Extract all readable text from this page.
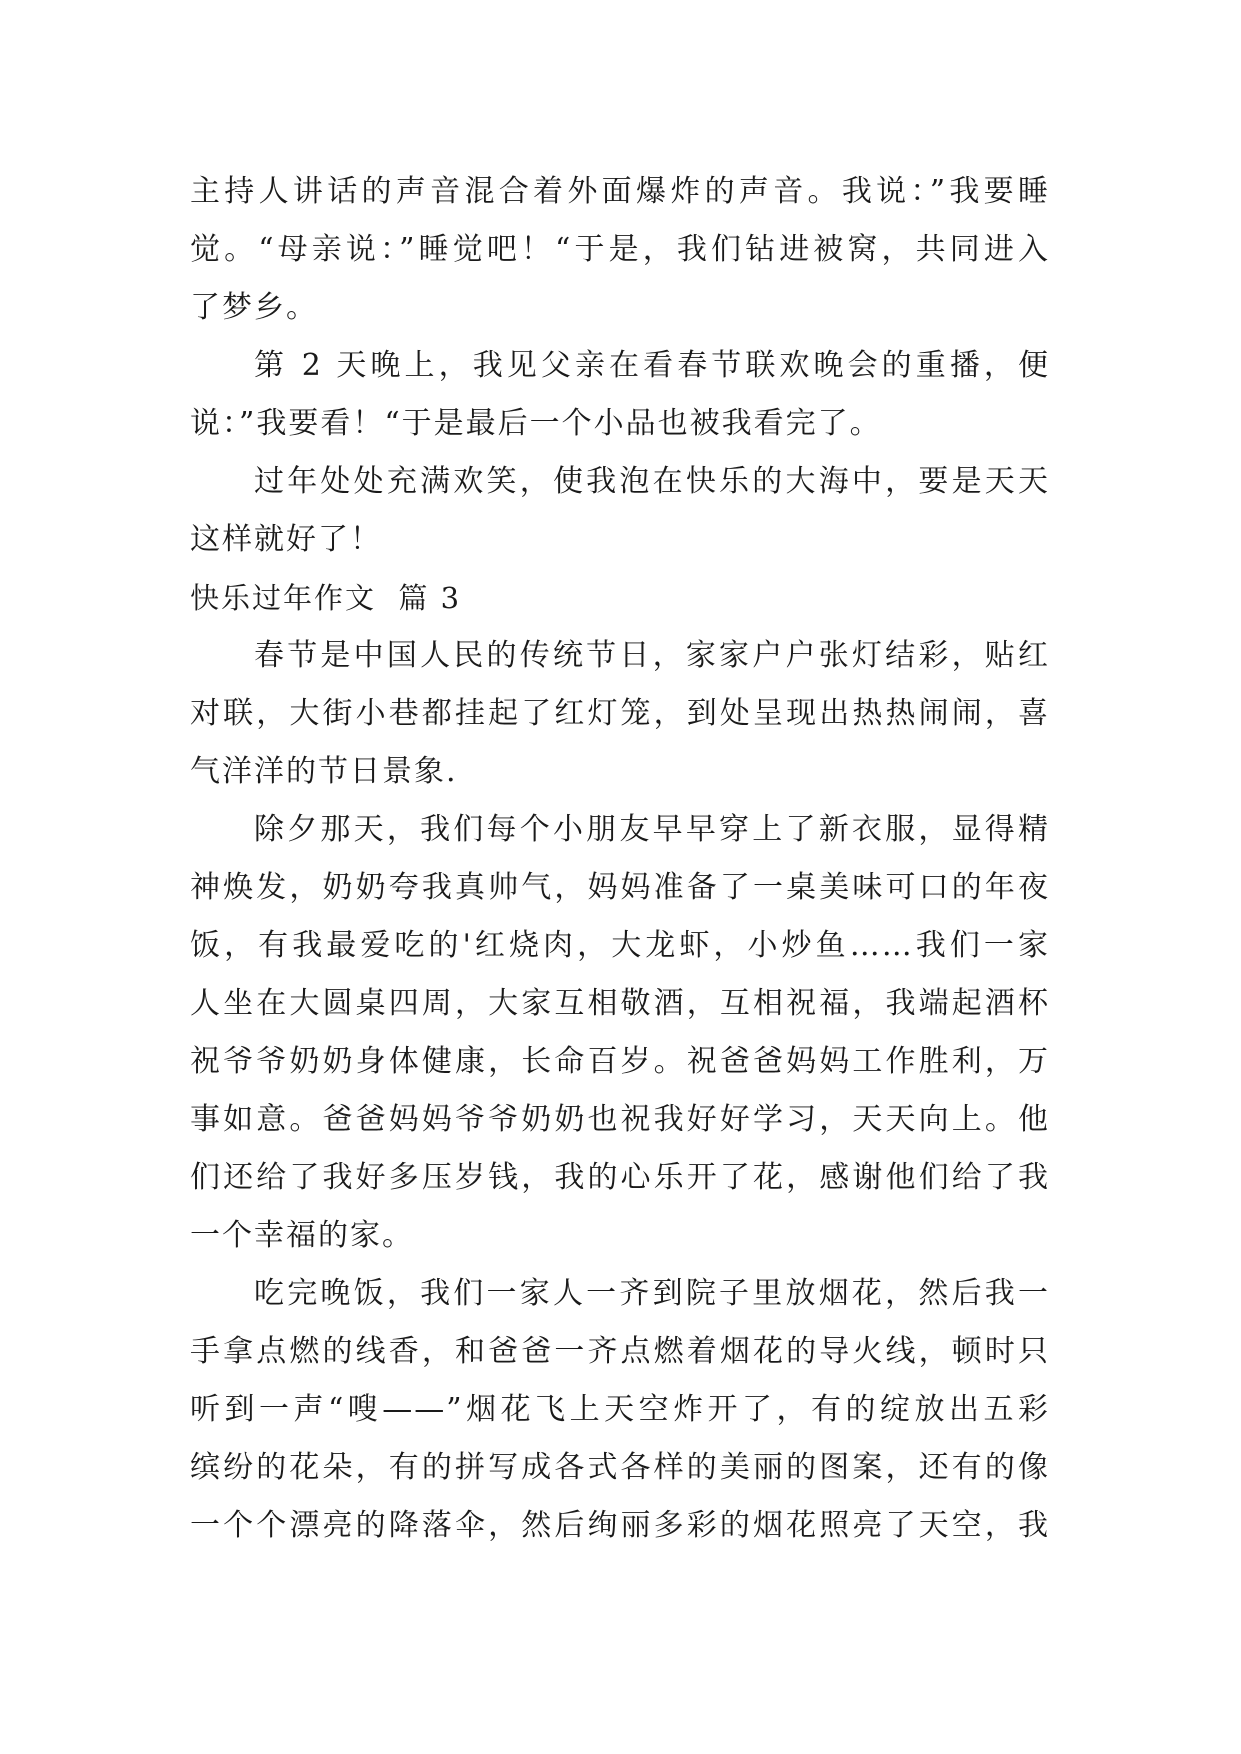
主持人讲话的声音混合着外面爆炸的声音。我说：”我要睡
觉。“母亲说：”睡觉吧！“于是，我们钻进被窝，共同进入
了梦乡。
第 2 天晚上，我见父亲在看春节联欢晚会的重播，便
说：”我要看！“于是最后一个小品也被我看完了。
过年处处充满欢笑，使我泡在快乐的大海中，要是天天
这样就好了！
快乐过年作文  篇 3
春节是中国人民的传统节日，家家户户张灯结彩，贴红
对联，大街小巷都挂起了红灯笼，到处呈现出热热闹闹，喜
气洋洋的节日景象.
除夕那天，我们每个小朋友早早穿上了新衣服，显得精
神焕发，奶奶夸我真帅气，妈妈准备了一桌美味可口的年夜
饭，有我最爱吃的'红烧肉，大龙虾，小炒鱼……我们一家
人坐在大圆桌四周，大家互相敬酒，互相祝福，我端起酒杯
祝爷爷奶奶身体健康，长命百岁。祝爸爸妈妈工作胜利，万
事如意。爸爸妈妈爷爷奶奶也祝我好好学习，天天向上。他
们还给了我好多压岁钱，我的心乐开了花，感谢他们给了我
一个幸福的家。
吃完晚饭，我们一家人一齐到院子里放烟花，然后我一
手拿点燃的线香，和爸爸一齐点燃着烟花的导火线，顿时只
听到一声“嗖——”烟花飞上天空炸开了，有的绽放出五彩
缤纷的花朵，有的拼写成各式各样的美丽的图案，还有的像
一个个漂亮的降落伞，然后绚丽多彩的烟花照亮了天空，我
